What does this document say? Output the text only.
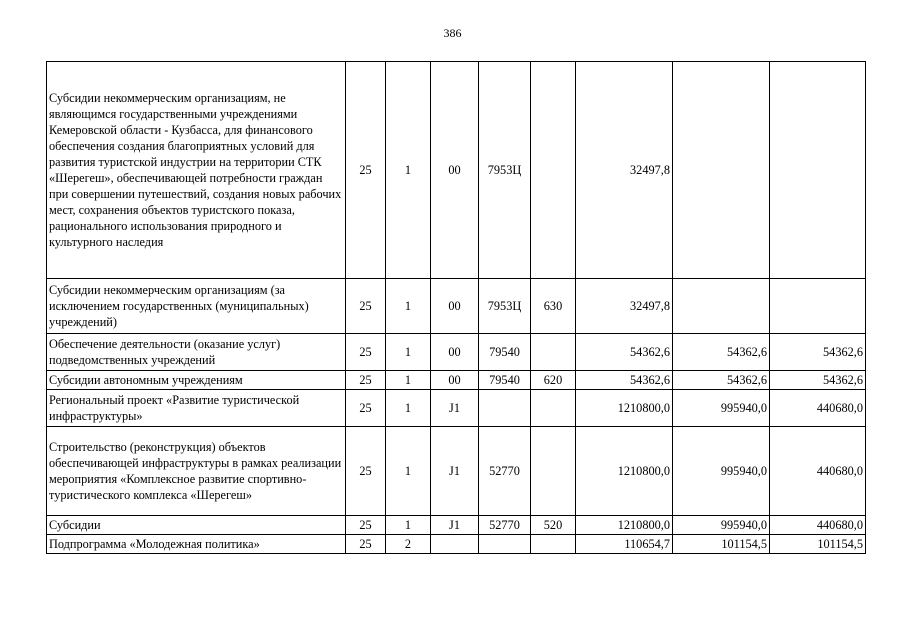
386
Субсидии некоммерческим организациям, не являющимся государственными учреждениями Кемеровской области - Кузбасса, для финансового обеспечения создания благоприятных условий для развития туристской индустрии на территории СТК «Шерегеш», обеспечивающей потребности граждан при совершении путешествий, создания новых рабочих мест, сохранения объектов туристского показа, рационального использования природного и культурного наследия	25	1	00	7953Ц		32497,8		
Субсидии некоммерческим организациям (за исключением государственных (муниципальных) учреждений)	25	1	00	7953Ц	630	32497,8		
Обеспечение деятельности (оказание услуг) подведомственных учреждений	25	1	00	79540		54362,6	54362,6	54362,6
Субсидии автономным учреждениям	25	1	00	79540	620	54362,6	54362,6	54362,6
Региональный проект «Развитие туристической инфраструктуры»	25	1	J1			1210800,0	995940,0	440680,0
Строительство (реконструкция) объектов обеспечивающей инфраструктуры в рамках реализации мероприятия «Комплексное развитие спортивно-туристического комплекса «Шерегеш»	25	1	J1	52770		1210800,0	995940,0	440680,0
Субсидии	25	1	J1	52770	520	1210800,0	995940,0	440680,0
Подпрограмма «Молодежная политика»	25	2				110654,7	101154,5	101154,5
